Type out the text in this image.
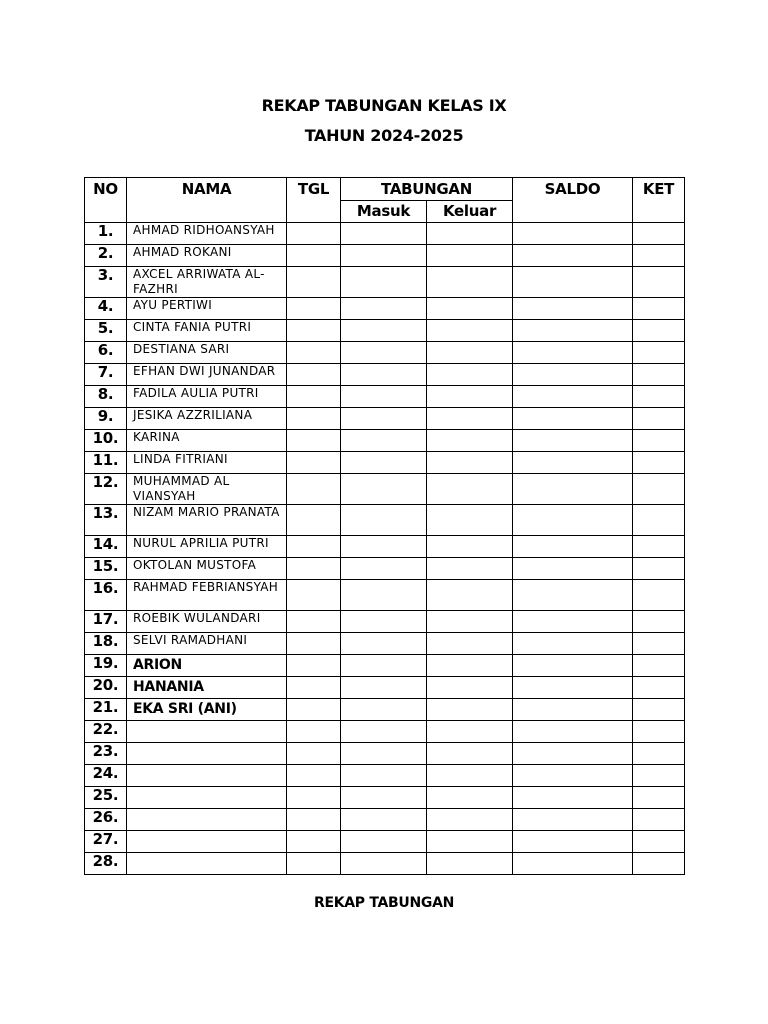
REKAP TABUNGAN KELAS IX
TAHUN 2024-2025
NO	NAMA	TGL	TABUNGAN		SALDO	KET
			Masuk	Keluar		
1.	AHMAD RIDHOANSYAH					
2.	AHMAD ROKANI					
3.	AXCEL ARRIWATA AL-FAZHRI					
4.	AYU PERTIWI					
5.	CINTA FANIA PUTRI					
6.	DESTIANA SARI					
7.	EFHAN DWI JUNANDAR					
8.	FADILA AULIA PUTRI					
9.	JESIKA AZZRILIANA					
10.	KARINA					
11.	LINDA FITRIANI					
12.	MUHAMMAD AL VIANSYAH					
13.	NIZAM MARIO PRANATA					
14.	NURUL APRILIA PUTRI					
15.	OKTOLAN MUSTOFA					
16.	RAHMAD FEBRIANSYAH					
17.	ROEBIK WULANDARI					
18.	SELVI RAMADHANI					
19.	ARION					
20.	HANANIA					
21.	EKA SRI (ANI)					
22.						
23.						
24.						
25.						
26.						
27.						
28.						
REKAP TABUNGAN
